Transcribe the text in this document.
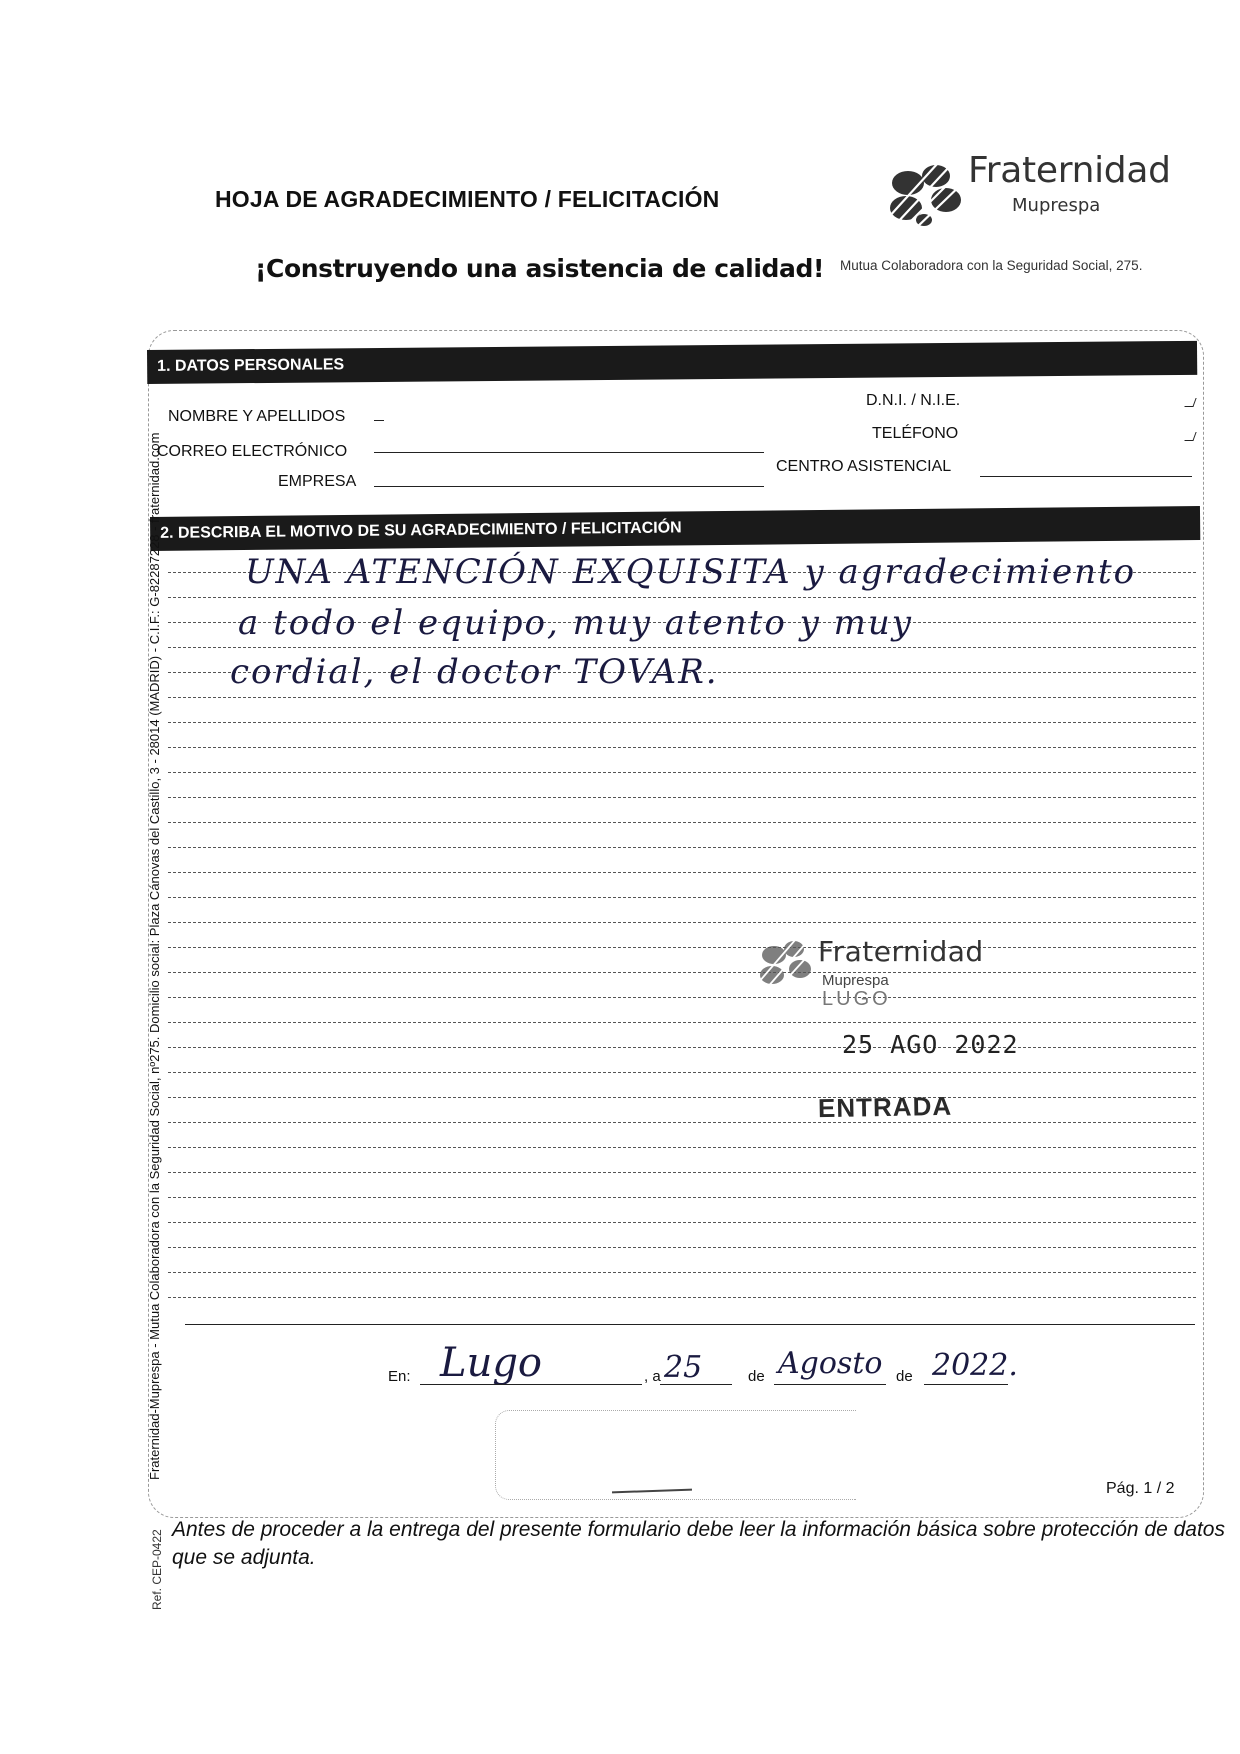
HOJA DE AGRADECIMIENTO / FELICITACIÓN
¡Construyendo una asistencia de calidad!
Fraternidad
Muprespa
Mutua Colaboradora con la Seguridad Social, 275.
1. DATOS PERSONALES
NOMBRE Y APELLIDOS
CORREO ELECTRÓNICO
EMPRESA
D.N.I. / N.I.E.
TELÉFONO
CENTRO ASISTENCIAL
2. DESCRIBA EL MOTIVO DE SU AGRADECIMIENTO / FELICITACIÓN
UNA ATENCIÓN EXQUISITA y agradecimiento
a todo el equipo, muy atento y muy
cordial, el doctor TOVAR.
Fraternidad
Muprespa
LUGO
25 AGO 2022
ENTRADA
En: Lugo	, a 25	de Agosto de 2022.
Pág. 1 / 2
Antes de proceder a la entrega del presente formulario debe leer la información básica sobre protección de datos que se adjunta.
Fraternidad-Muprespa - Mutua Colaboradora con la Seguridad Social, nº275. Domicilio social: Plaza Cánovas del Castillo, 3 - 28014 (MADRID) - C.I.F.: G-82287228 - fraternidad.com
Ref. CEP-0422
